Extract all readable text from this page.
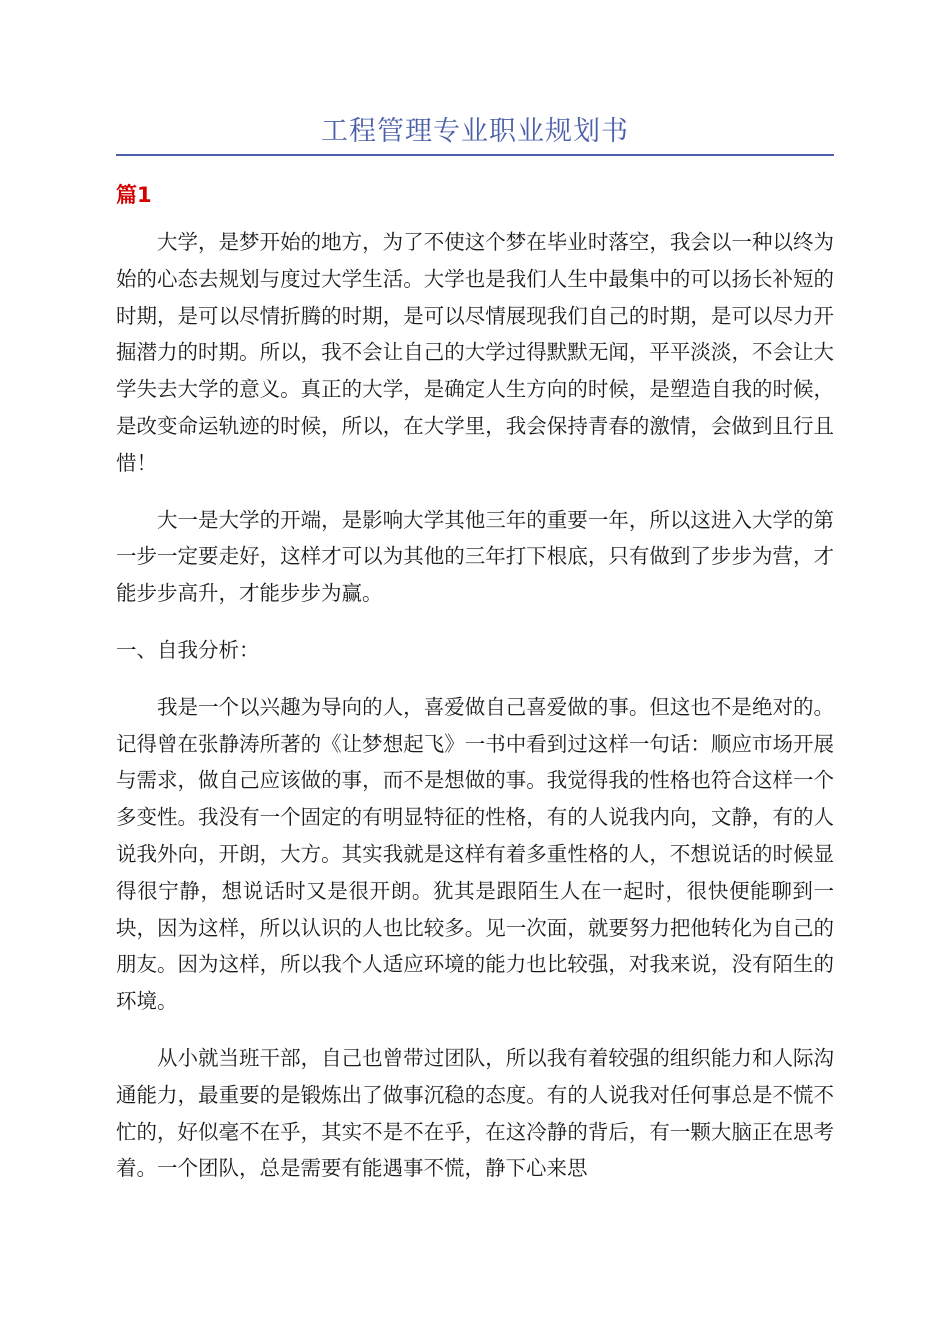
工程管理专业职业规划书
篇1

大学，是梦开始的地方，为了不使这个梦在毕业时落空，我会以一种以终为始的心态去规划与度过大学生活。大学也是我们人生中最集中的可以扬长补短的时期，是可以尽情折腾的时期，是可以尽情展现我们自己的时期，是可以尽力开掘潜力的时期。所以，我不会让自己的大学过得默默无闻，平平淡淡，不会让大学失去大学的意义。真正的大学，是确定人生方向的时候，是塑造自我的时候，是改变命运轨迹的时候，所以，在大学里，我会保持青春的激情，会做到且行且惜！

大一是大学的开端，是影响大学其他三年的重要一年，所以这进入大学的第一步一定要走好，这样才可以为其他的三年打下根底，只有做到了步步为营，才能步步高升，才能步步为赢。

一、自我分析：

我是一个以兴趣为导向的人，喜爱做自己喜爱做的事。但这也不是绝对的。记得曾在张静涛所著的《让梦想起飞》一书中看到过这样一句话：顺应市场开展与需求，做自己应该做的事，而不是想做的事。我觉得我的性格也符合这样一个多变性。我没有一个固定的有明显特征的性格，有的人说我内向，文静，有的人说我外向，开朗，大方。其实我就是这样有着多重性格的人，不想说话的时候显得很宁静，想说话时又是很开朗。犹其是跟陌生人在一起时，很快便能聊到一块，因为这样，所以认识的人也比较多。见一次面，就要努力把他转化为自己的朋友。因为这样，所以我个人适应环境的能力也比较强，对我来说，没有陌生的环境。

从小就当班干部，自己也曾带过团队，所以我有着较强的组织能力和人际沟通能力，最重要的是锻炼出了做事沉稳的态度。有的人说我对任何事总是不慌不忙的，好似毫不在乎，其实不是不在乎，在这冷静的背后，有一颗大脑正在思考着。一个团队，总是需要有能遇事不慌，静下心来思
